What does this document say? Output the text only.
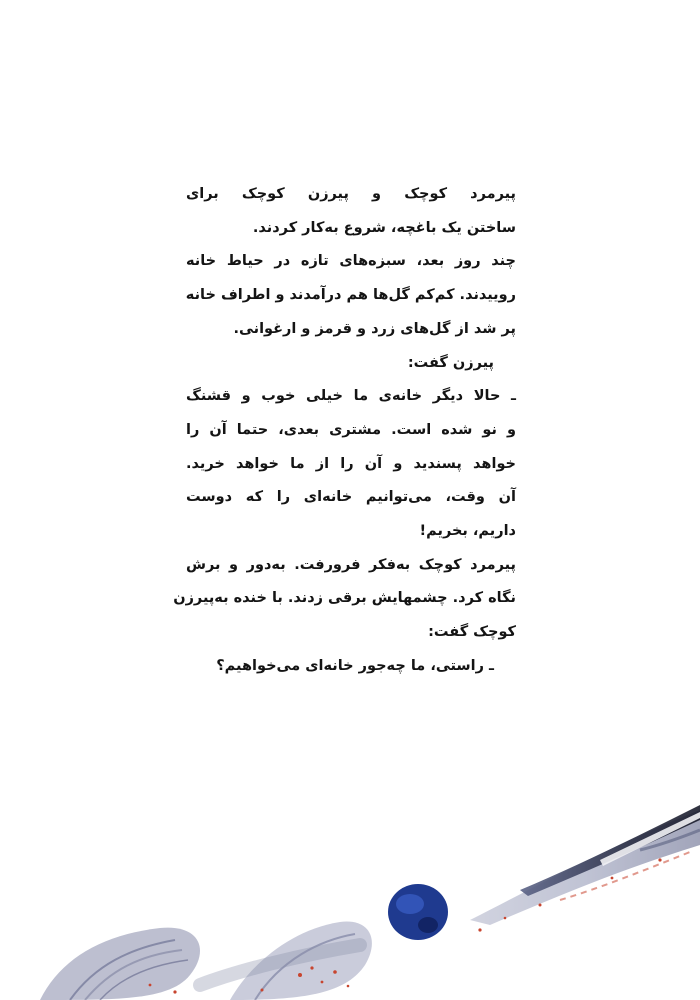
پیرمرد کوچک و پیرزن کوچک برای
ساختن یک باغچه، شروع به‌کار کردند.
چند روز بعد، سبزه‌های تازه در حیاط خانه
روییدند. کم‌کم گل‌ها هم درآمدند و اطراف خانه
پر شد از گل‌های زرد و قرمز و ارغوانی.
پیرزن گفت:
ـ حالا دیگر خانه‌ی ما خیلی خوب و قشنگ
و نو شده است. مشتری بعدی، حتما آن را
خواهد پسندید و آن را از ما خواهد خرید.
آن وقت، می‌توانیم خانه‌ای را که دوست
داریم، بخریم!
پیرمرد کوچک به‌فکر فرورفت. به‌دور و برش
نگاه کرد. چشمهایش برقی زدند. با خنده به‌پیرزن
کوچک گفت:
ـ راستی، ما چه‌جور خانه‌ای می‌خواهیم؟
